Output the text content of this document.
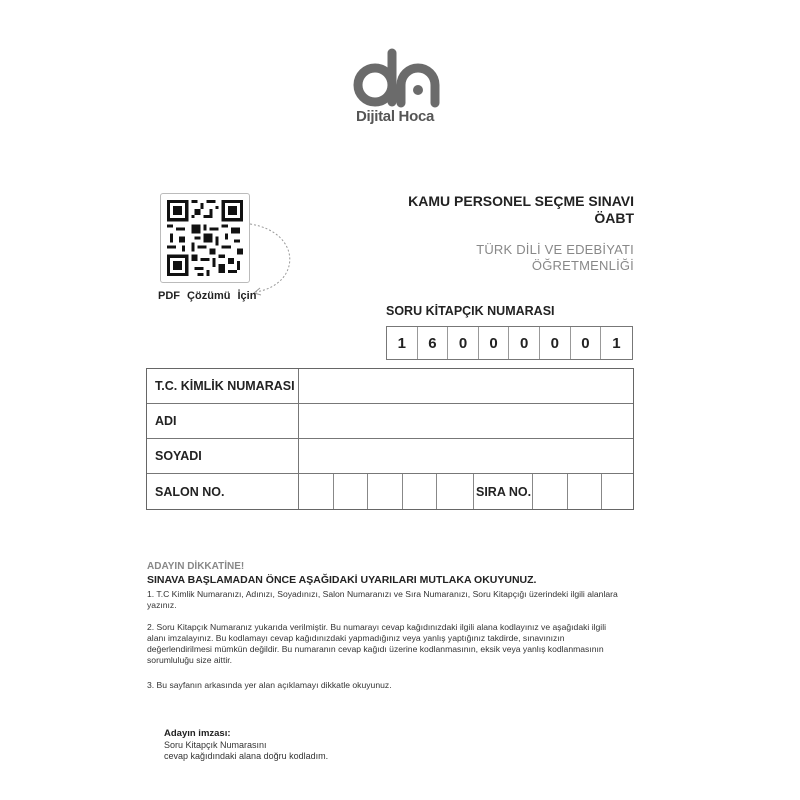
Dijital Hoca
PDF Çözümü İçin
KAMU PERSONEL SEÇME SINAVI
ÖABT
TÜRK DİLİ VE EDEBİYATI
ÖĞRETMENLİĞİ
SORU KİTAPÇIK NUMARASI
1	6	0	0	0	0	0	1
T.C. KİMLİK NUMARASI
ADI
SOYADI
SALON NO.	SIRA NO.
ADAYIN DİKKATİNE!
SINAVA BAŞLAMADAN ÖNCE AŞAĞIDAKİ UYARILARI MUTLAKA OKUYUNUZ.
1. T.C Kimlik Numaranızı, Adınızı, Soyadınızı, Salon Numaranızı ve Sıra Numaranızı, Soru Kitapçığı üzerindeki ilgili alanlara yazınız.
2. Soru Kitapçık Numaranız yukarıda verilmiştir. Bu numarayı cevap kağıdınızdaki ilgili alana kodlayınız ve aşağıdaki ilgili alanı imzalayınız. Bu kodlamayı cevap kağıdınızdaki yapmadığınız veya yanlış yaptığınız takdirde, sınavınızın değerlendirilmesi mümkün değildir. Bu numaranın cevap kağıdı üzerine kodlanmasının, eksik veya yanlış kodlanmasının sorumluluğu size aittir.
3. Bu sayfanın arkasında yer alan açıklamayı dikkatle okuyunuz.
Adayın imzası:
Soru Kitapçık Numarasını
cevap kağıdındaki alana doğru kodladım.
